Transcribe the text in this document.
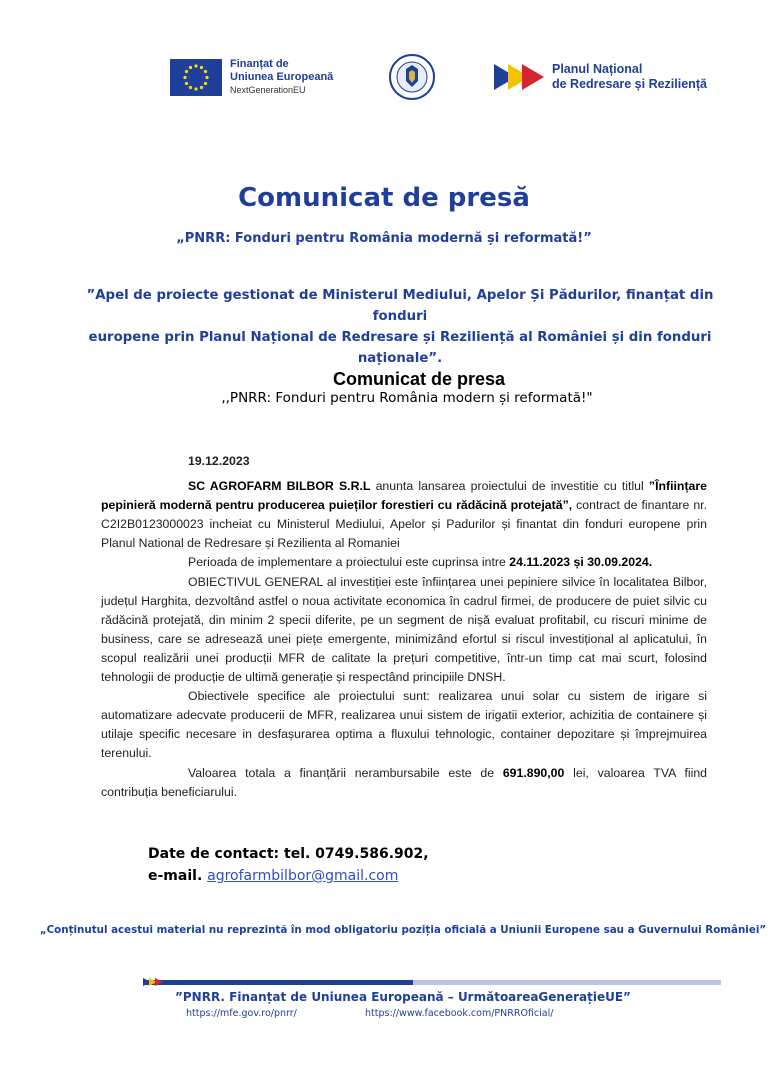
Finanțat de
Uniunea Europeană
NextGenerationEU
Planul Național
de Redresare și Reziliență
Comunicat de presă
„PNRR: Fonduri pentru România modernă și reformată!”
”Apel de proiecte gestionat de Ministerul Mediului, Apelor Și Pădurilor, finanțat din fonduri
europene prin Planul Național de Redresare și Reziliență al României și din fonduri naționale”.
Comunicat de presa
,,PNRR: Fonduri pentru România modern și reformată!"
19.12.2023

SC AGROFARM BILBOR S.R.L anunta lansarea proiectului de investitie cu titlul ”Înființare pepinieră modernă pentru producerea puieților forestieri cu rădăcină protejată”, contract de finantare nr. C2I2B0123000023 incheiat cu Ministerul Mediului, Apelor și Padurilor și finantat din fonduri europene prin Planul National de Redresare și Rezilienta al Romaniei

Perioada de implementare a proiectului este cuprinsa intre 24.11.2023 și 30.09.2024.

OBIECTIVUL GENERAL al investiției este înființarea unei pepiniere silvice în localitatea Bilbor, județul Harghita, dezvoltând astfel o noua activitate economica în cadrul firmei, de producere de puiet silvic cu rădăcină protejată, din minim 2 specii diferite, pe un segment de nișă evaluat profitabil, cu riscuri minime de business, care se adresează unei piețe emergente, minimizând efortul si riscul investițional al aplicatului, în scopul realizării unei producții MFR de calitate la prețuri competitive, într-un timp cat mai scurt, folosind tehnologii de producție de ultimă generație și respectând principiile DNSH.

Obiectivele specifice ale proiectului sunt: realizarea unui solar cu sistem de irigare si automatizare adecvate producerii de MFR, realizarea unui sistem de irigatii exterior, achizitia de containere și utilaje specific necesare in desfașurarea optima a fluxului tehnologic, container depozitare și împrejmuirea terenului.

Valoarea totala a finanțării nerambursabile este de 691.890,00 lei, valoarea TVA fiind contribuția beneficiarului.

Date de contact: tel. 0749.586.902,
e-mail. agrofarmbilbor@gmail.com
„Conținutul acestui material nu reprezintă în mod obligatoriu poziția oficială a Uniunii Europene sau a Guvernului României”
”PNRR. Finanțat de Uniunea Europeană – UrmătoareaGenerațieUE”
https://mfe.gov.ro/pnrr/	https://www.facebook.com/PNRROficial/
